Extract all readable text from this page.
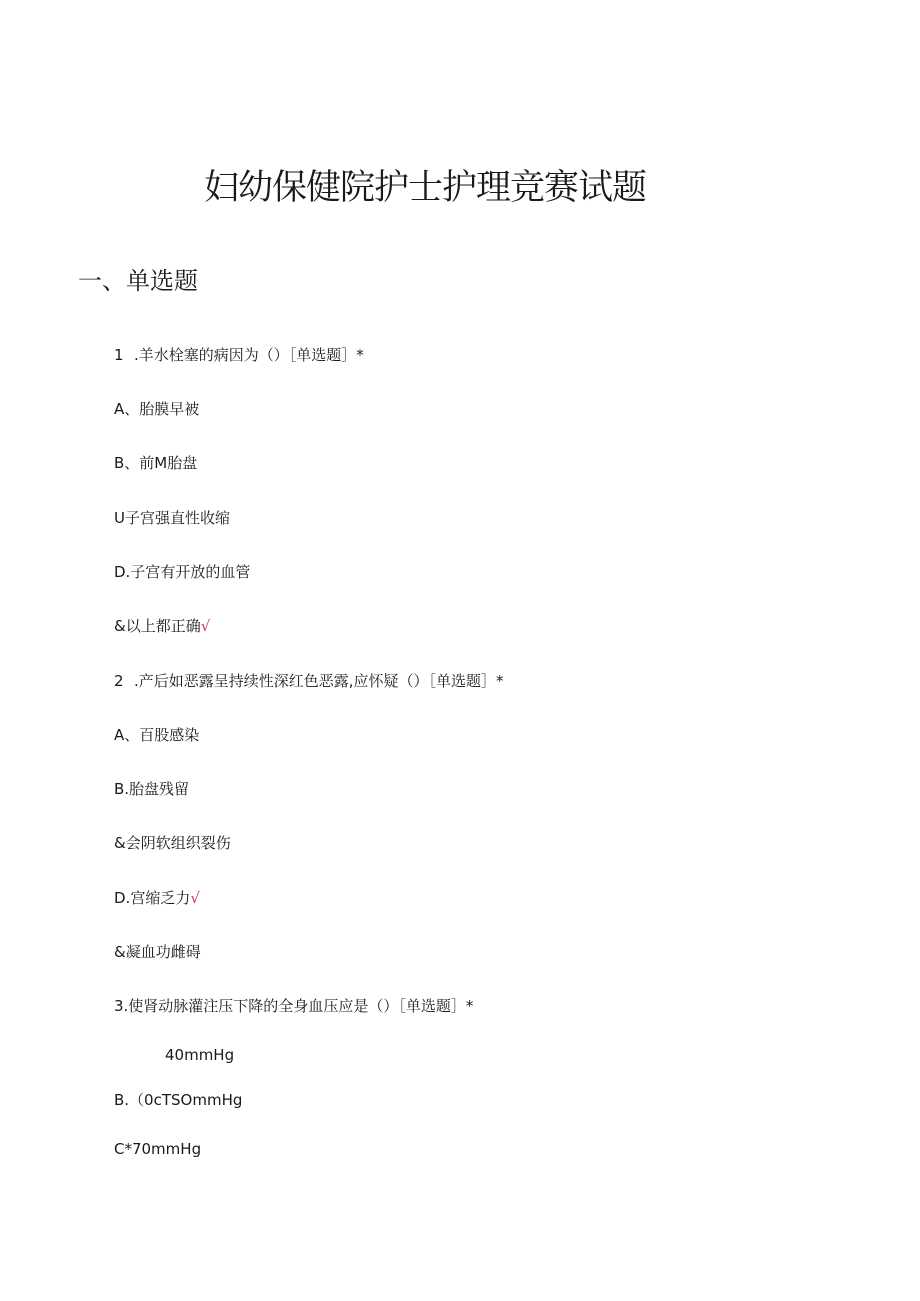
妇幼保健院护士护理竞赛试题
一、单选题
1 .羊水栓塞的病因为（）［单选题］*
A、胎膜早被
B、前M胎盘
U子宫强直性收缩
D.子宫有开放的血管
&以上都正确√
2 .产后如恶露呈持续性深红色恶露,应怀疑（）［单选题］*
A、百股感染
B.胎盘残留
&会阴软组织裂伤
D.宫缩乏力√
&凝血功雌碍
3.使肾动脉灌注压下降的全身血压应是（）［单选题］*
40mmHg
B.（0cTSOmmHg
C*70mmHg
